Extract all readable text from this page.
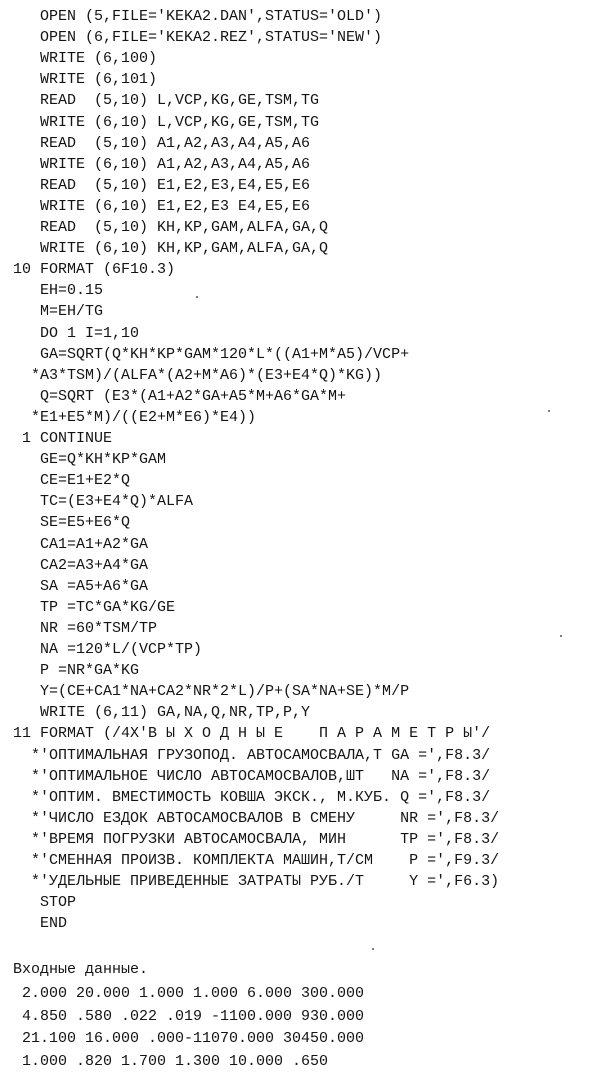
OPEN (5,FILE='KEKA2.DAN',STATUS='OLD')
OPEN (6,FILE='KEKA2.REZ',STATUS='NEW')
WRITE (6,100)
WRITE (6,101)
READ  (5,10) L,VCP,KG,GE,TSM,TG
WRITE (6,10) L,VCP,KG,GE,TSM,TG
READ  (5,10) A1,A2,A3,A4,A5,A6
WRITE (6,10) A1,A2,A3,A4,A5,A6
READ  (5,10) E1,E2,E3,E4,E5,E6
WRITE (6,10) E1,E2,E3 E4,E5,E6
READ  (5,10) KH,KP,GAM,ALFA,GA,Q
WRITE (6,10) KH,KP,GAM,ALFA,GA,Q
10 FORMAT (6F10.3)
EH=0.15
M=EH/TG
DO 1 I=1,10
GA=SQRT(Q*KH*KP*GAM*120*L*((A1+M*A5)/VCP+
*A3*TSM)/(ALFA*(A2+M*A6)*(E3+E4*Q)*KG))
Q=SQRT (E3*(A1+A2*GA+A5*M+A6*GA*M+
*E1+E5*M)/((E2+M*E6)*E4))
1 CONTINUE
GE=Q*KH*KP*GAM
CE=E1+E2*Q
TC=(E3+E4*Q)*ALFA
SE=E5+E6*Q
CA1=A1+A2*GA
CA2=A3+A4*GA
SA =A5+A6*GA
TP =TC*GA*KG/GE
NR =60*TSM/TP
NA =120*L/(VCP*TP)
P =NR*GA*KG
Y=(CE+CA1*NA+CA2*NR*2*L)/P+(SA*NA+SE)*M/P
WRITE (6,11) GA,NA,Q,NR,TP,P,Y
11 FORMAT (/4X'В Ы Х О Д Н Ы Е    П А Р А М Е Т Р Ы'/
*'ОПТИМАЛЬНАЯ ГРУЗОПОД. АВТОСАМОСВАЛА,Т GA =',F8.3/
*'ОПТИМАЛЬНОЕ ЧИСЛО АВТОСАМОСВАЛОВ,ШТ   NA =',F8.3/
*'ОПТИМ. ВМЕСТИМОСТЬ КОВША ЭКСК., М.КУБ. Q =',F8.3/
*'ЧИСЛО ЕЗДОК АВТОСАМОСВАЛОВ В СМЕНУ     NR =',F8.3/
*'ВРЕМЯ ПОГРУЗКИ АВТОСАМОСВАЛА, МИН      TP =',F8.3/
*'СМЕННАЯ ПРОИЗВ. КОМПЛЕКТА МАШИН,Т/СМ    P =',F9.3/
*'УДЕЛЬНЫЕ ПРИВЕДЕННЫЕ ЗАТРАТЫ РУБ./Т     Y =',F6.3)
STOP
END
Входные данные.
2.000 20.000 1.000 1.000 6.000 300.000
4.850 .580 .022 .019 -1100.000 930.000
21.100 16.000 .000-11070.000 30450.000
1.000 .820 1.700 1.300 10.000 .650
